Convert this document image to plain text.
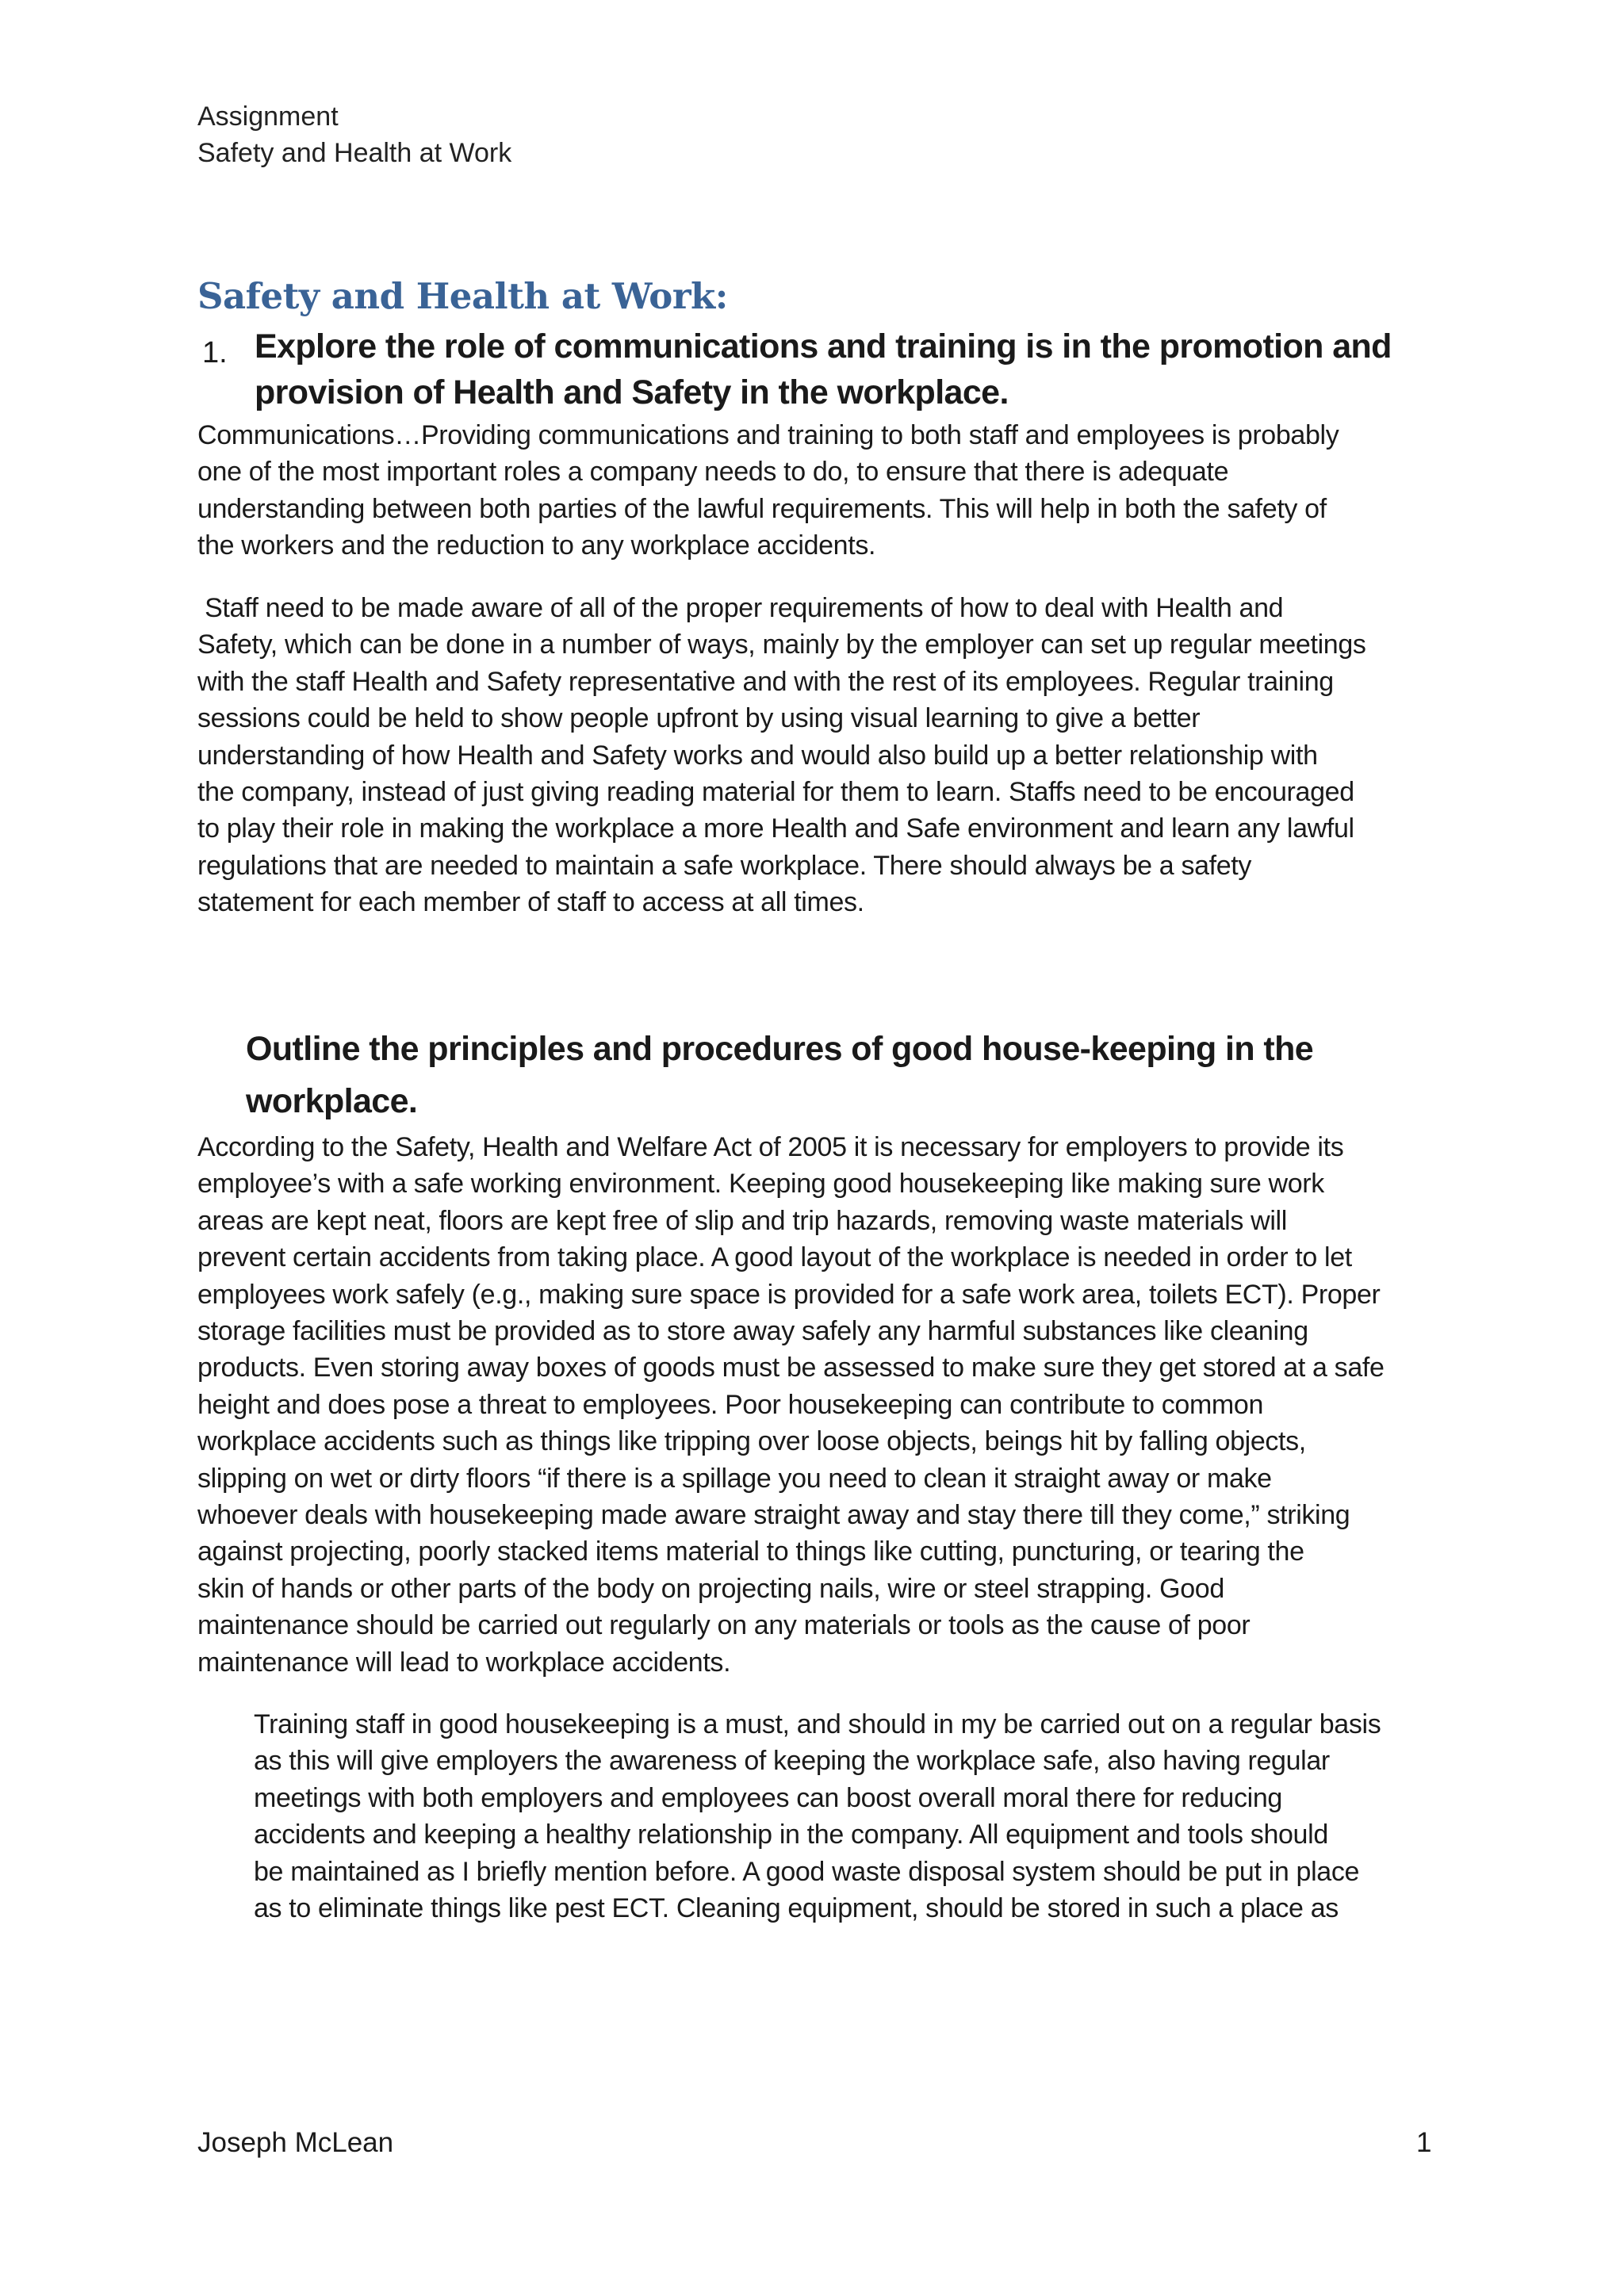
Assignment
Safety and Health at Work
Safety and Health at Work:
1. Explore the role of communications and training is in the promotion and
provision of Health and Safety in the workplace.
Communications…Providing communications and training to both staff and employees is probably
one of the most important roles a company needs to do, to ensure that there is adequate
understanding between both parties of the lawful requirements. This will help in both the safety of
the workers and the reduction to any workplace accidents.
Staff need to be made aware of all of the proper requirements of how to deal with Health and
Safety, which can be done in a number of ways, mainly by the employer can set up regular meetings
with the staff Health and Safety representative and with the rest of its employees. Regular training
sessions could be held to show people upfront by using visual learning to give a better
understanding of how Health and Safety works and would also build up a better relationship with
the company, instead of just giving reading material for them to learn. Staffs need to be encouraged
to play their role in making the workplace a more Health and Safe environment and learn any lawful
regulations that are needed to maintain a safe workplace. There should always be a safety
statement for each member of staff to access at all times.
Outline the principles and procedures of good house-keeping in the
workplace.
According to the Safety, Health and Welfare Act of 2005 it is necessary for employers to provide its
employee’s with a safe working environment. Keeping good housekeeping like making sure work
areas are kept neat, floors are kept free of slip and trip hazards, removing waste materials will
prevent certain accidents from taking place. A good layout of the workplace is needed in order to let
employees work safely (e.g., making sure space is provided for a safe work area, toilets ECT). Proper
storage facilities must be provided as to store away safely any harmful substances like cleaning
products. Even storing away boxes of goods must be assessed to make sure they get stored at a safe
height and does pose a threat to employees. Poor housekeeping can contribute to common
workplace accidents such as things like tripping over loose objects, beings hit by falling objects,
slipping on wet or dirty floors “if there is a spillage you need to clean it straight away or make
whoever deals with housekeeping made aware straight away and stay there till they come,” striking
against projecting, poorly stacked items material to things like cutting, puncturing, or tearing the
skin of hands or other parts of the body on projecting nails, wire or steel strapping. Good
maintenance should be carried out regularly on any materials or tools as the cause of poor
maintenance will lead to workplace accidents.
Training staff in good housekeeping is a must, and should in my be carried out on a regular basis
as this will give employers the awareness of keeping the workplace safe, also having regular
meetings with both employers and employees can boost overall moral there for reducing
accidents and keeping a healthy relationship in the company. All equipment and tools should
be maintained as I briefly mention before. A good waste disposal system should be put in place
as to eliminate things like pest ECT. Cleaning equipment, should be stored in such a place as
Joseph McLean	1
